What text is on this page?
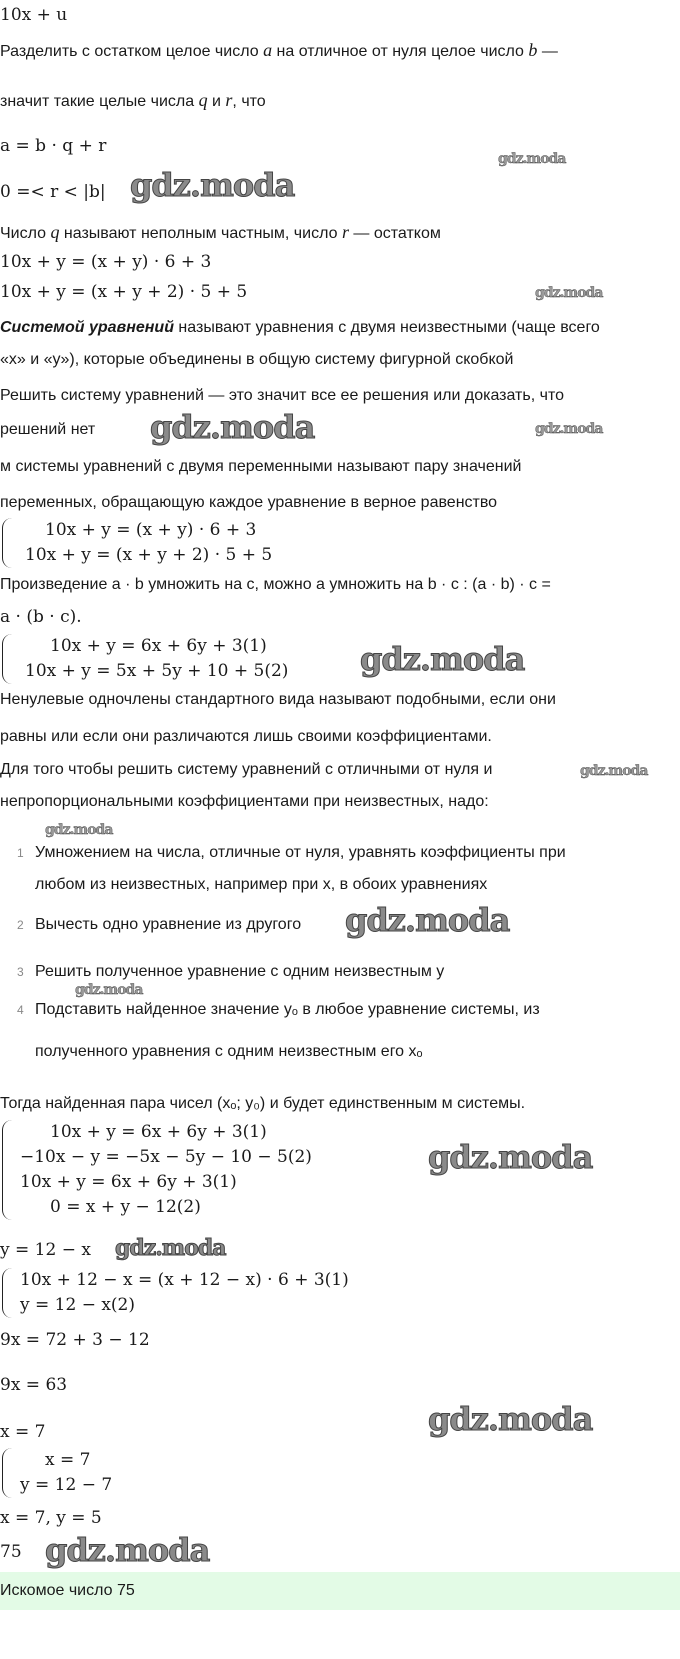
10x + u
Разделить с остатком целое число a на отличное от нуля целое число b —
значит такие целые числа q и r, что
a = b · q + r
0 =< r < |b| gdz.moda
gdz.moda
Число q называют неполным частным, число r — остатком
10x + y = (x + y) · 6 + 3
10x + y = (x + y + 2) · 5 + 5	gdz.moda
Системой уравнений называют уравнения с двумя неизвестными (чаще всего
«x» и «y»), которые объединены в общую систему фигурной скобкой
Решить систему уравнений — это значит все ее решения или доказать, что
решений нет gdz.moda	gdz.moda
м системы уравнений с двумя переменными называют пару значений
переменных, обращающую каждое уравнение в верное равенство
10x + y = (x + y) · 6 + 3
10x + y = (x + y + 2) · 5 + 5
Произведение a · b умножить на c, можно a умножить на b · c : (a · b) · c =
a · (b · c).
10x + y = 6x + 6y + 3(1)
10x + y = 5x + 5y + 10 + 5(2) gdz.moda
Ненулевые одночлены стандартного вида называют подобными, если они
равны или если они различаются лишь своими коэффициентами.
Для того чтобы решить систему уравнений с отличными от нуля и
непропорциональными коэффициентами при неизвестных, надо:
gdz.moda
1 Умножением на числа, отличные от нуля, уравнять коэффициенты при
любом из неизвестных, например при x, в обоих уравнениях
2 Вычесть одно уравнение из другого
3 Решить полученное уравнение с одним неизвестным y
4 Подставить найденное значение yₒ в любое уравнение системы, из
полученного уравнения с одним неизвестным его xₒ
gdz.moda
gdz.moda
gdz.moda
Тогда найденная пара чисел (xₒ; y₀) и будет единственным м системы.
10x + y = 6x + 6y + 3(1)
−10x − y = −5x − 5y − 10 − 5(2)
10x + y = 6x + 6y + 3(1)
0 = x + y − 12(2)
gdz.moda
y = 12 − x gdz.moda
10x + 12 − x = (x + 12 − x) · 6 + 3(1)
y = 12 − x(2)
9x = 72 + 3 − 12
9x = 63
x = 7	gdz.moda
x = 7
y = 12 − 7
x = 7, y = 5
75 gdz.moda
Искомое число 75
